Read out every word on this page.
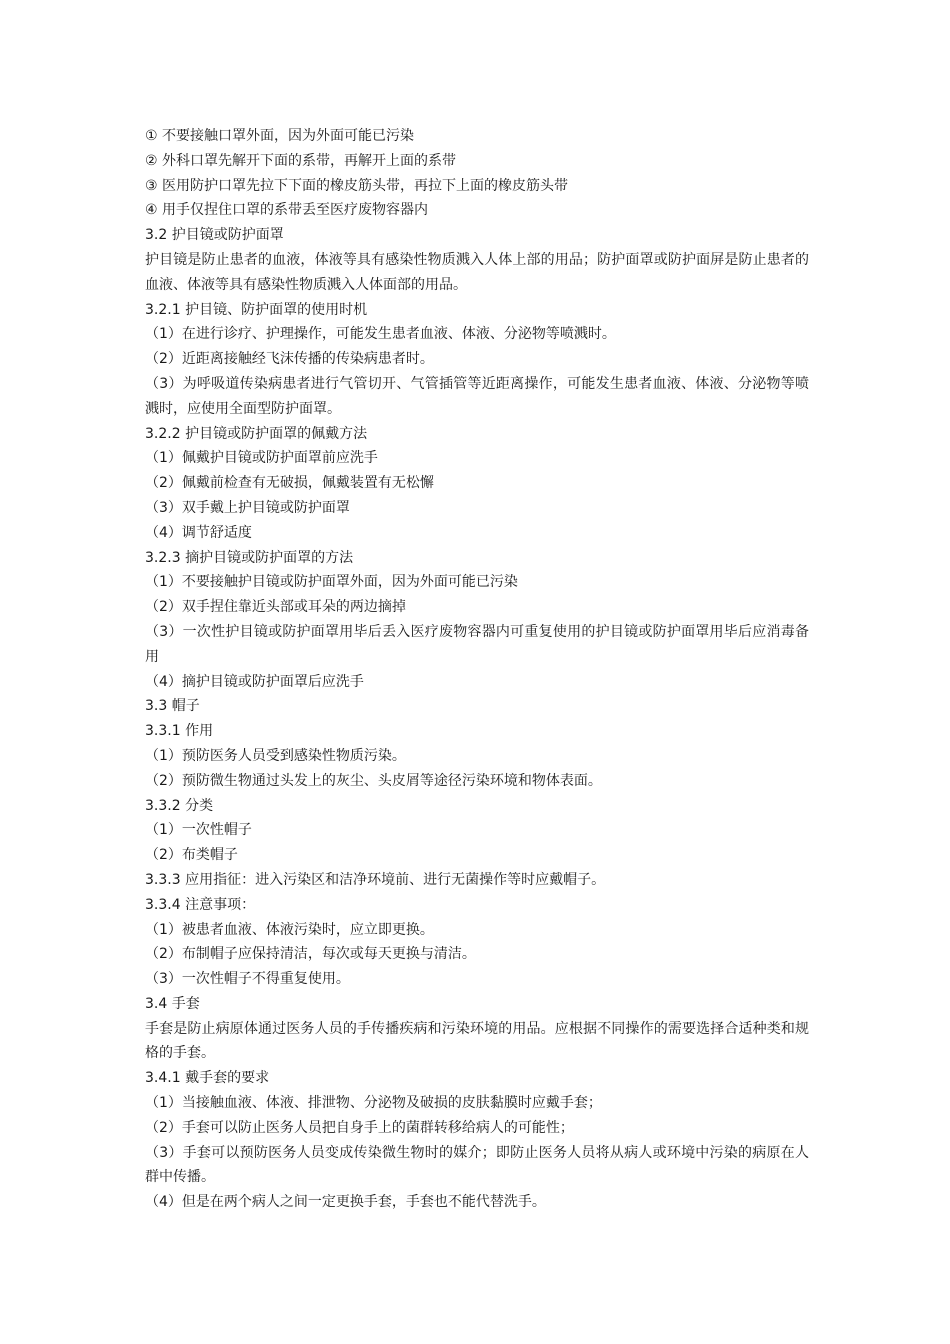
① 不要接触口罩外面，因为外面可能已污染
② 外科口罩先解开下面的系带，再解开上面的系带
③ 医用防护口罩先拉下下面的橡皮筋头带，再拉下上面的橡皮筋头带
④ 用手仅捏住口罩的系带丢至医疗废物容器内
3.2 护目镜或防护面罩
护目镜是防止患者的血液，体液等具有感染性物质溅入人体上部的用品；防护面罩或防护面屏是防止患者的血液、体液等具有感染性物质溅入人体面部的用品。
3.2.1 护目镜、防护面罩的使用时机
（1）在进行诊疗、护理操作，可能发生患者血液、体液、分泌物等喷溅时。
（2）近距离接触经飞沫传播的传染病患者时。
（3）为呼吸道传染病患者进行气管切开、气管插管等近距离操作，可能发生患者血液、体液、分泌物等喷溅时，应使用全面型防护面罩。
3.2.2 护目镜或防护面罩的佩戴方法
（1）佩戴护目镜或防护面罩前应洗手
（2）佩戴前检查有无破损，佩戴装置有无松懈
（3）双手戴上护目镜或防护面罩
（4）调节舒适度
3.2.3 摘护目镜或防护面罩的方法
（1）不要接触护目镜或防护面罩外面，因为外面可能已污染
（2）双手捏住靠近头部或耳朵的两边摘掉
（3）一次性护目镜或防护面罩用毕后丢入医疗废物容器内可重复使用的护目镜或防护面罩用毕后应消毒备用
（4）摘护目镜或防护面罩后应洗手
3.3 帽子
3.3.1 作用
（1）预防医务人员受到感染性物质污染。
（2）预防微生物通过头发上的灰尘、头皮屑等途径污染环境和物体表面。
3.3.2 分类
（1）一次性帽子
（2）布类帽子
3.3.3 应用指征：进入污染区和洁净环境前、进行无菌操作等时应戴帽子。
3.3.4 注意事项：
（1）被患者血液、体液污染时，应立即更换。
（2）布制帽子应保持清洁，每次或每天更换与清洁。
（3）一次性帽子不得重复使用。
3.4 手套
手套是防止病原体通过医务人员的手传播疾病和污染环境的用品。应根据不同操作的需要选择合适种类和规格的手套。
3.4.1 戴手套的要求
（1）当接触血液、体液、排泄物、分泌物及破损的皮肤黏膜时应戴手套；
（2）手套可以防止医务人员把自身手上的菌群转移给病人的可能性；
（3）手套可以预防医务人员变成传染微生物时的媒介；即防止医务人员将从病人或环境中污染的病原在人群中传播。
（4）但是在两个病人之间一定更换手套，手套也不能代替洗手。
